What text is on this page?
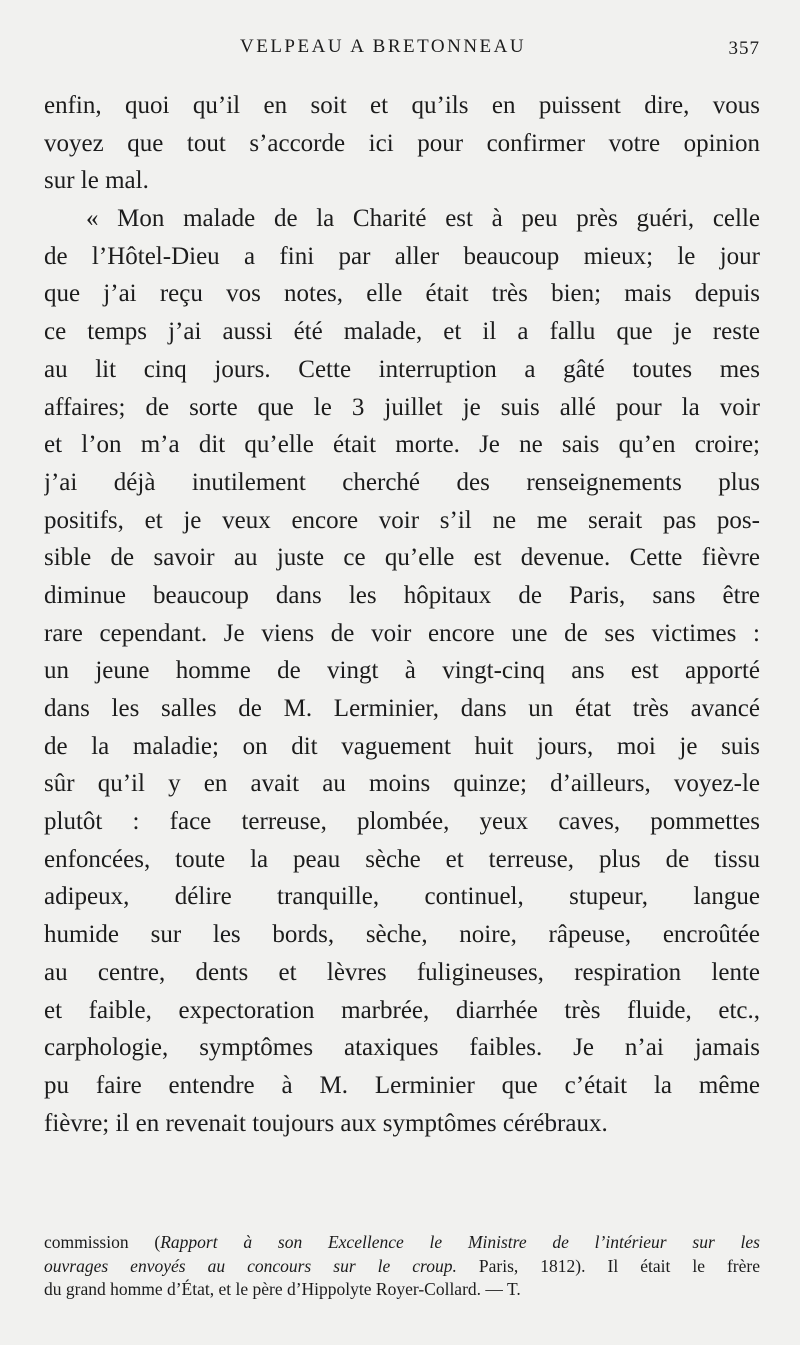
VELPEAU A BRETONNEAU	357
enfin, quoi qu’il en soit et qu’ils en puissent dire, vous
voyez que tout s’accorde ici pour confirmer votre opinion
sur le mal.
« Mon malade de la Charité est à peu près guéri, celle
de l’Hôtel-Dieu a fini par aller beaucoup mieux; le jour
que j’ai reçu vos notes, elle était très bien; mais depuis
ce temps j’ai aussi été malade, et il a fallu que je reste
au lit cinq jours. Cette interruption a gâté toutes mes
affaires; de sorte que le 3 juillet je suis allé pour la voir
et l’on m’a dit qu’elle était morte. Je ne sais qu’en croire;
j’ai déjà inutilement cherché des renseignements plus
positifs, et je veux encore voir s’il ne me serait pas pos-
sible de savoir au juste ce qu’elle est devenue. Cette fièvre
diminue beaucoup dans les hôpitaux de Paris, sans être
rare cependant. Je viens de voir encore une de ses victimes :
un jeune homme de vingt à vingt-cinq ans est apporté
dans les salles de M. Lerminier, dans un état très avancé
de la maladie; on dit vaguement huit jours, moi je suis
sûr qu’il y en avait au moins quinze; d’ailleurs, voyez-le
plutôt : face terreuse, plombée, yeux caves, pommettes
enfoncées, toute la peau sèche et terreuse, plus de tissu
adipeux, délire tranquille, continuel, stupeur, langue
humide sur les bords, sèche, noire, râpeuse, encroûtée
au centre, dents et lèvres fuligineuses, respiration lente
et faible, expectoration marbrée, diarrhée très fluide, etc.,
carphologie, symptômes ataxiques faibles. Je n’ai jamais
pu faire entendre à M. Lerminier que c’était la même
fièvre; il en revenait toujours aux symptômes cérébraux.
commission (Rapport à son Excellence le Ministre de l’intérieur sur les
ouvrages envoyés au concours sur le croup. Paris, 1812). Il était le frère
du grand homme d’État, et le père d’Hippolyte Royer-Collard. — T.
